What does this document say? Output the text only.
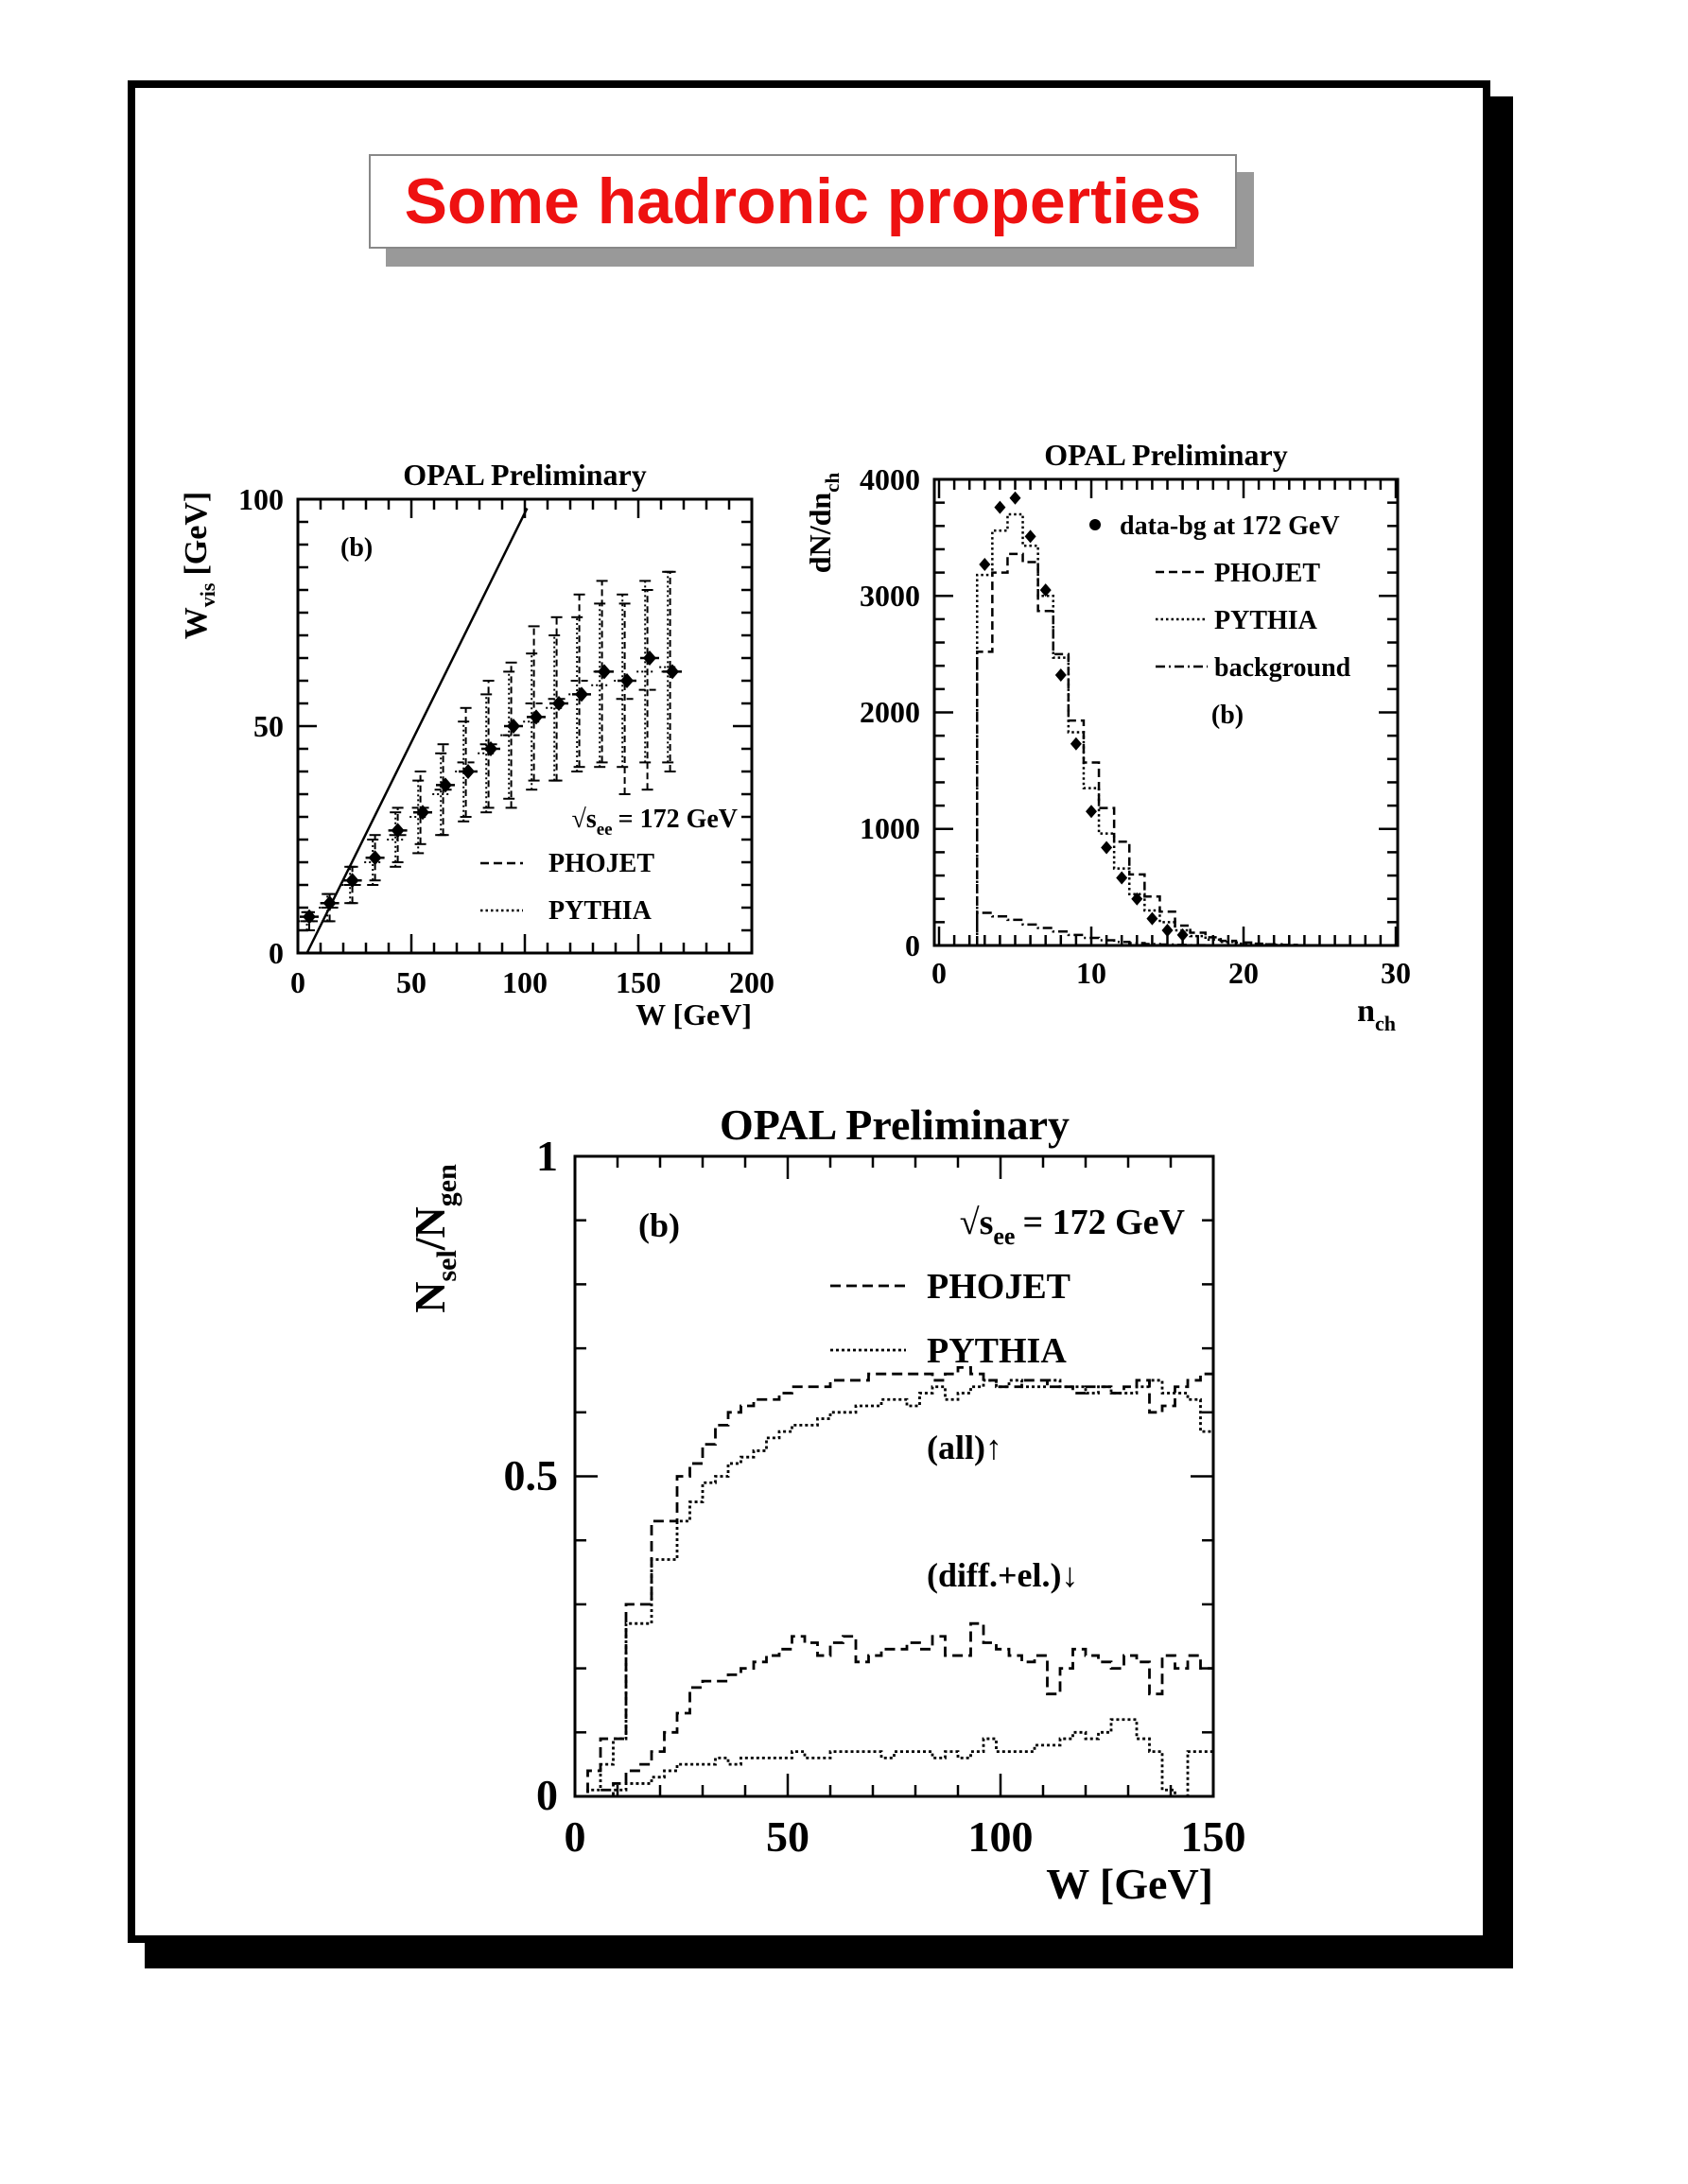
Some hadronic properties
OPAL Preliminary
(b)
0	50	100 150 200
0
50
100
W [GeV]
$W_{vis}[GeV]$
$√s_{ee} = 172$ GeV
PHOJET
PYTHIA
OPAL Preliminary
(b)
0	10	20	30
0
1000
2000
3000
4000
$n_{ch}$
$dN/dn_{ch}$
data-bg at 172 GeV
PHOJET
PYTHIA
background
OPAL Preliminary
(b)
0	50	100	150
0
0.5
1
W [GeV]
$N_{sel}/N_{gen}$
$√s_{ee} = 172$ GeV
PHOJET
PYTHIA
(all)↑
(diff.+el.)↓
